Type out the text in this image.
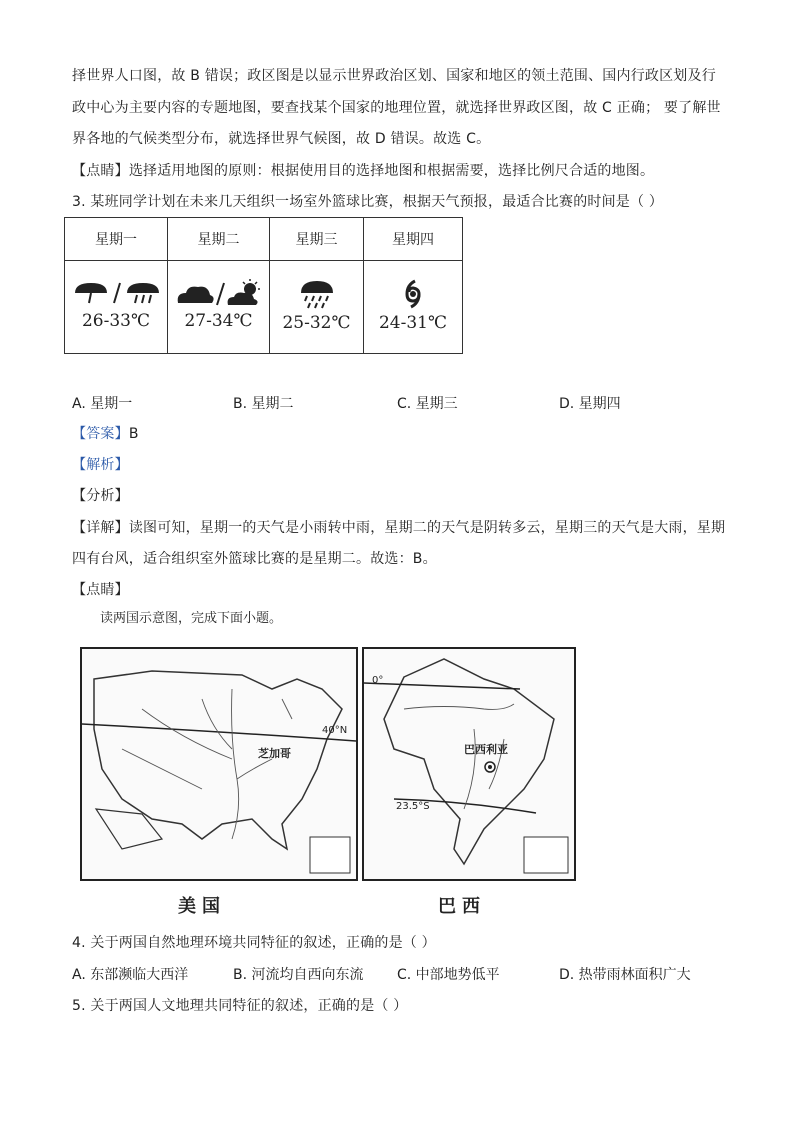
择世界人口图，故 B 错误；政区图是以显示世界政治区划、国家和地区的领土范围、国内行政区划及行
政中心为主要内容的专题地图，要查找某个国家的地理位置，就选择世界政区图，故 C 正确； 要了解世
界各地的气候类型分布，就选择世界气候图，故 D 错误。故选 C。
【点睛】选择适用地图的原则：根据使用目的选择地图和根据需要，选择比例尺合适的地图。
3. 某班同学计划在未来几天组织一场室外篮球比赛，根据天气预报，最适合比赛的时间是（ ）
星期一	星期二	星期三	星期四

26-33℃	27-34℃	25-32℃	24-31℃
A. 星期一	B. 星期二	C. 星期三	D. 星期四
【答案】B
【解析】
【分析】
【详解】读图可知，星期一的天气是小雨转中雨，星期二的天气是阴转多云，星期三的天气是大雨，星期
四有台风，适合组织室外篮球比赛的是星期二。故选：B。
【点睛】
读两国示意图，完成下面小题。
40°N
芝加哥
美国
0°
23.5°S
巴西利亚
巴西
4. 关于两国自然地理环境共同特征的叙述，正确的是（ ）
A. 东部濒临大西洋	B. 河流均自西向东流 C. 中部地势低平	D. 热带雨林面积广大
5. 关于两国人文地理共同特征的叙述，正确的是（ ）
